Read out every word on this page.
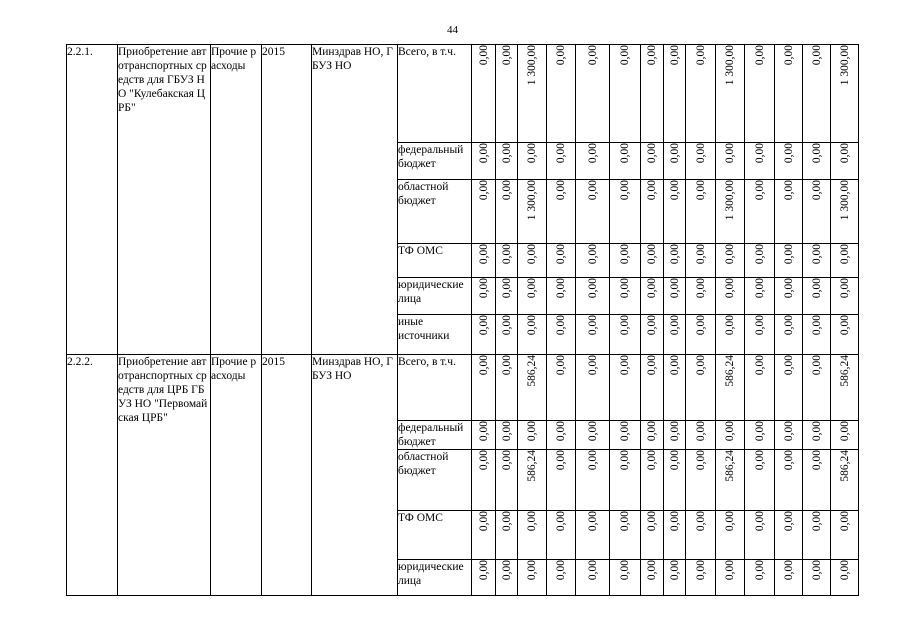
44
2.2.1.	Приобретение автотранспортных средств для ГБУЗ НО "Кулебакская ЦРБ"	Прочие расходы	2015	Минздрав НО, ГБУЗ НО	Всего, в т.ч.	0,00	0,00	1 300,00	0,00	0,00	0,00	0,00	0,00	0,00	1 300,00	0,00	0,00	0,00	1 300,00
					федеральный бюджет	0,00	0,00	0,00	0,00	0,00	0,00	0,00	0,00	0,00	0,00	0,00	0,00	0,00	0,00
					областной бюджет	0,00	0,00	1 300,00	0,00	0,00	0,00	0,00	0,00	0,00	1 300,00	0,00	0,00	0,00	1 300,00
					ТФ ОМС	0,00	0,00	0,00	0,00	0,00	0,00	0,00	0,00	0,00	0,00	0,00	0,00	0,00	0,00
					юридические лица	0,00	0,00	0,00	0,00	0,00	0,00	0,00	0,00	0,00	0,00	0,00	0,00	0,00	0,00
					иные источники	0,00	0,00	0,00	0,00	0,00	0,00	0,00	0,00	0,00	0,00	0,00	0,00	0,00	0,00
2.2.2.	Приобретение автотранспортных средств для ЦРБ ГБУЗ НО "Первомайская ЦРБ"	Прочие расходы	2015	Минздрав НО, ГБУЗ НО	Всего, в т.ч.	0,00	0,00	586,24	0,00	0,00	0,00	0,00	0,00	0,00	586,24	0,00	0,00	0,00	586,24
					федеральный бюджет	0,00	0,00	0,00	0,00	0,00	0,00	0,00	0,00	0,00	0,00	0,00	0,00	0,00	0,00
					областной бюджет	0,00	0,00	586,24	0,00	0,00	0,00	0,00	0,00	0,00	586,24	0,00	0,00	0,00	586,24
					ТФ ОМС	0,00	0,00	0,00	0,00	0,00	0,00	0,00	0,00	0,00	0,00	0,00	0,00	0,00	0,00
					юридические лица	0,00	0,00	0,00	0,00	0,00	0,00	0,00	0,00	0,00	0,00	0,00	0,00	0,00	0,00
